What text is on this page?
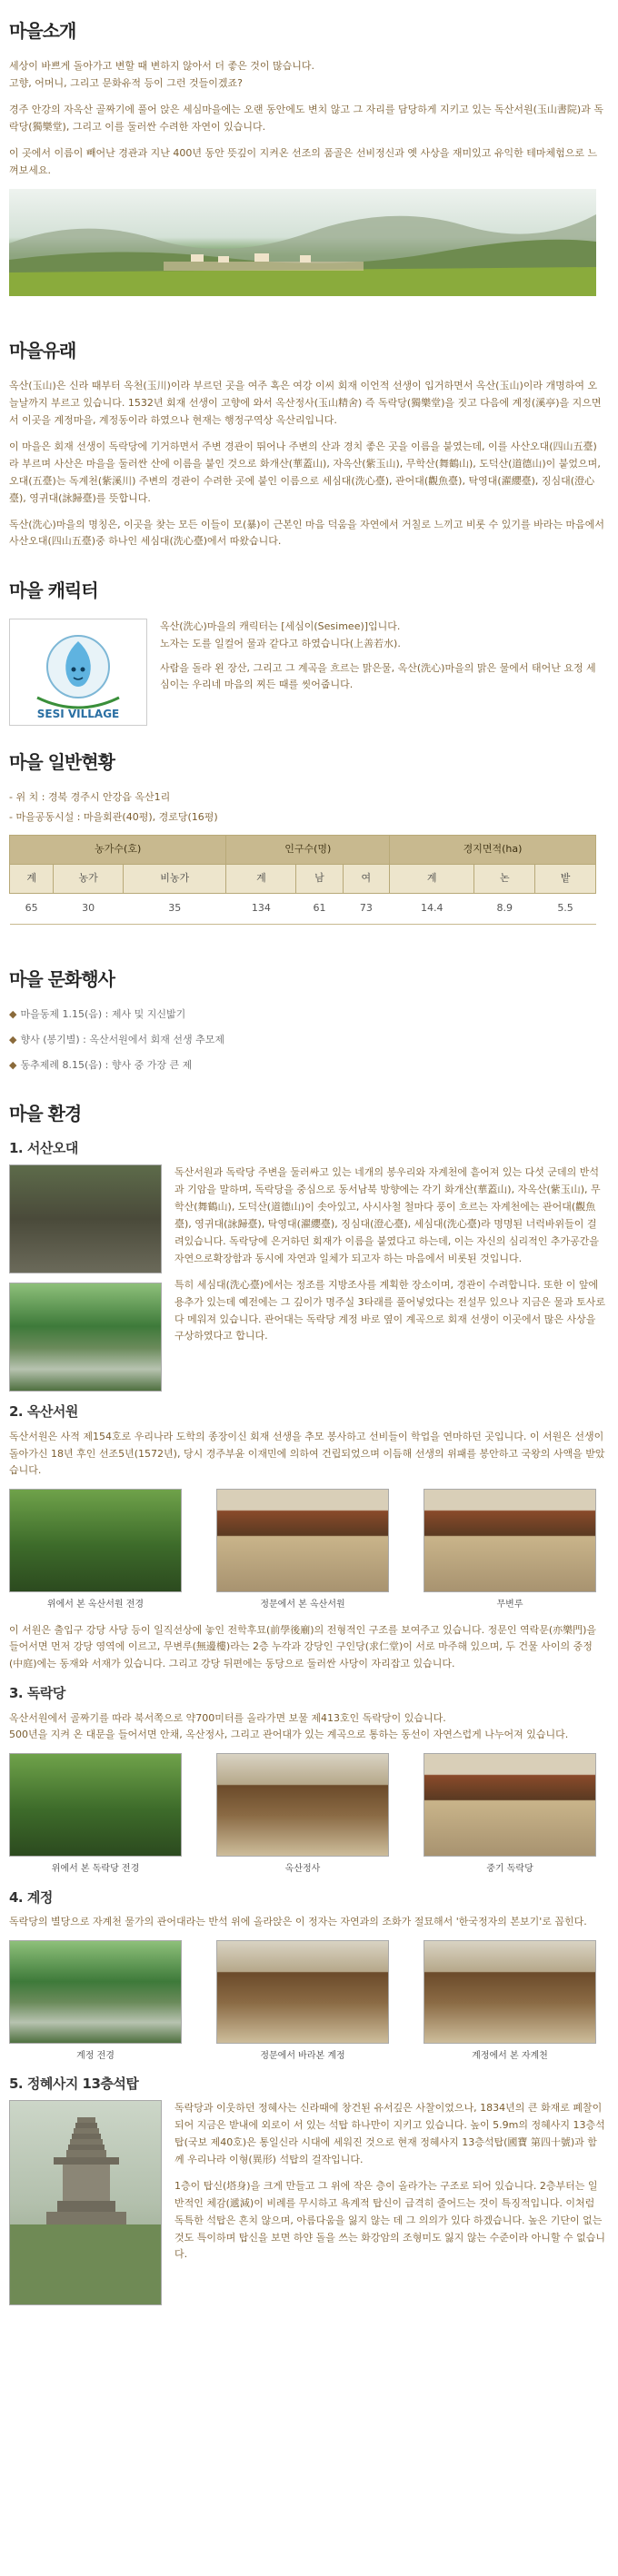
마을소개

세상이 바쁘게 돌아가고 변할 때 변하지 않아서 더 좋은 것이 많습니다.
고향, 어머니, 그리고 문화유적 등이 그런 것들이겠죠?

경주 안강의 자옥산 골짜기에 풀어 앉은 세심마을에는 오랜 동안에도 변치 않고 그 자리를 담당하게 지키고 있는 독산서원(玉山書院)과 독락당(獨樂堂), 그리고 이를 둘러싼 수려한 자연이 있습니다.

이 곳에서 이름이 빼어난 경관과 지난 400년 동안 뜻깊이 지켜온 선조의 품골은 선비정신과 옛 사상을 재미있고 유익한 테마체험으로 느껴보세요.

마을유래

옥산(玉山)은 신라 때부터 옥천(玉川)이라 부르던 곳을 여주 혹은 여강 이씨 회재 이언적 선생이 입거하면서 옥산(玉山)이라 개명하여 오늘날까지 부르고 있습니다. 1532년 회재 선생이 고향에 와서 옥산정사(玉山精舍) 즉 독락당(獨樂堂)을 짓고 다음에 계정(溪亭)을 지으면서 이곳을 계정마을, 계정동이라 하였으나 현재는 행정구역상 옥산리입니다.

이 마을은 회재 선생이 독락당에 기거하면서 주변 경관이 뛰어나 주변의 산과 경치 좋은 곳을 이름을 붙였는데, 이를 사산오대(四山五臺)라 부르며 사산은 마을을 둘러싼 산에 이름을 붙인 것으로 화개산(華蓋山), 자옥산(紫玉山), 무학산(舞鶴山), 도덕산(道德山)이 붙었으며, 오대(五臺)는 독계천(紫溪川) 주변의 경관이 수려한 곳에 붙인 이름으로 세심대(洗心臺), 관어대(觀魚臺), 탁영대(濯纓臺), 징심대(澄心臺), 영귀대(詠歸臺)를 뜻합니다.

독산(洗心)마을의 명칭은, 이곳을 찾는 모든 이들이 모(暴)이 근본인 마음 덕움을 자연에서 거칠로 느끼고 비롯 수 있기를 바라는 마음에서 사산오대(四山五臺)중 하나인 세심대(洗心臺)에서 따왔습니다.

마을 캐릭터
SESI VILLAGE

옥산(洗心)마을의 캐릭터는 [세심이(Sesimee)]입니다.
노자는 도를 일컬어 물과 같다고 하였습니다(上善若水).

사람을 돌라 왼 장산, 그리고 그 계곡을 흐르는 맑은물, 옥산(洗心)마을의 맑은 물에서 태어난 요정 세심이는 우리네 마음의 찌든 때를 씻어줍니다.

마을 일반현황

- 위 치 : 경북 경주시 안강읍 옥산1리

- 마을공동시설 : 마을회관(40평), 경로당(16평)

농가수(호)			인구수(명)			경지면적(ha)		
계	농가	비농가	계	남	여	계	논	밭
65	30	35	134	61	73	14.4	8.9	5.5
마을 문화행사

◆ 마을동제 1.15(음) : 제사 및 지신밟기

◆ 향사 (봉기별) : 옥산서원에서 회재 선생 추모제

◆ 동추제례 8.15(음) : 향사 중 가장 큰 제

마을 환경
1. 서산오대

독산서원과 독락당 주변을 둘러싸고 있는 네개의 봉우리와 자계천에 흩어져 있는 다섯 군데의 반석과 기암을 말하며, 독락당을 중심으로 동서남북 방향에는 각기 화개산(華蓋山), 자옥산(紫玉山), 무학산(舞鶴山), 도덕산(道德山)이 솟아있고, 사시사철 철마다 풍이 흐르는 자계천에는 관어대(觀魚臺), 영귀대(詠歸臺), 탁영대(濯纓臺), 징심대(澄心臺), 세심대(洗心臺)라 명명된 너럭바위들이 걸려있습니다. 독락당에 은거하던 회재가 이름을 붙였다고 하는데, 이는 자신의 심리적인 추가공간을 자연으로확장함과 동시에 자연과 일체가 되고자 하는 마음에서 비롯된 것입니다.

특히 세심대(洗心臺)에서는 정조를 지방조사를 계획한 장소이며, 경관이 수려합니다. 또한 이 앞에 용추가 있는데 예전에는 그 깊이가 명주실 3타래를 풀어넣었다는 전설무 있으나 지금은 물과 토사로 다 메워져 있습니다. 관어대는 독락당 계정 바로 옆이 계곡으로 회재 선생이 이곳에서 많은 사상을 구상하였다고 합니다.

2. 옥산서원

독산서원은 사적 제154호로 우리나라 도학의 종장이신 회재 선생을 추모 봉사하고 선비들이 학업을 연마하던 곳입니다. 이 서원은 선생이 돌아가신 18년 후인 선조5년(1572년), 당시 경주부윤 이재민에 의하여 건립되었으며 이듬해 선생의 위패를 봉안하고 국왕의 사액을 받았습니다.

위에서 본 옥산서원 전경	정문에서 본 옥산서원	무변루

이 서원은 출입구 강당 사당 등이 일직선상에 놓인 전학후묘(前學後廟)의 전형적인 구조를 보여주고 있습니다. 정문인 역락문(亦樂門)을 들어서면 먼저 강당 영역에 이르고, 무변루(無邊樓)라는 2층 누각과 강당인 구인당(求仁堂)이 서로 마주해 있으며, 두 건물 사이의 중정(中庭)에는 동재와 서재가 있습니다. 그리고 강당 뒤편에는 동당으로 둘러싼 사당이 자리잡고 있습니다.

3. 독락당

옥산서원에서 골짜기를 따라 북서쪽으로 약700미터를 올라가면 보물 제413호인 독락당이 있습니다.
500년을 지켜 온 대문을 들어서면 안채, 옥산정사, 그리고 관어대가 있는 계곡으로 통하는 동선이 자연스럽게 나누어져 있습니다.

위에서 본 독락당 전경	옥산정사	중기 독락당
4. 계정

독락당의 별당으로 자계천 물가의 관어대라는 반석 위에 올라앉은 이 정자는 자연과의 조화가 절묘해서 '한국정자의 본보기'로 꼽힌다.

계정 전경	정문에서 바라본 계정	계정에서 본 자계천
5. 정혜사지 13층석탑

독락당과 이웃하던 정혜사는 신라때에 창건된 유서깊은 사찰이었으나, 1834년의 큰 화재로 폐찰이 되어 지금은 받내에 외로이 서 있는 석탑 하나만이 지키고 있습니다. 높이 5.9m의 정혜사지 13층석탑(국보 제40호)은 통일신라 시대에 세워진 것으로 현재 정혜사지 13층석탑(國寶 第四十號)과 함께 우리나라 이형(異形) 석탑의 걸작입니다.

1층이 탑신(塔身)을 크게 만들고 그 위에 작은 층이 올라가는 구조로 되어 있습니다. 2층부터는 일반적인 체감(遞減)이 비례를 무시하고 욕계적 탑신이 급격히 줄어드는 것이 특징적입니다. 이처럼 독특한 석탑은 흔치 않으며, 아름다움을 잃지 않는 데 그 의의가 있다 하겠습니다. 높은 기단이 없는 것도 특이하며 탑신을 보면 하얀 돌을 쓰는 화강암의 조형미도 잃지 않는 수준이라 아니할 수 없습니다.
